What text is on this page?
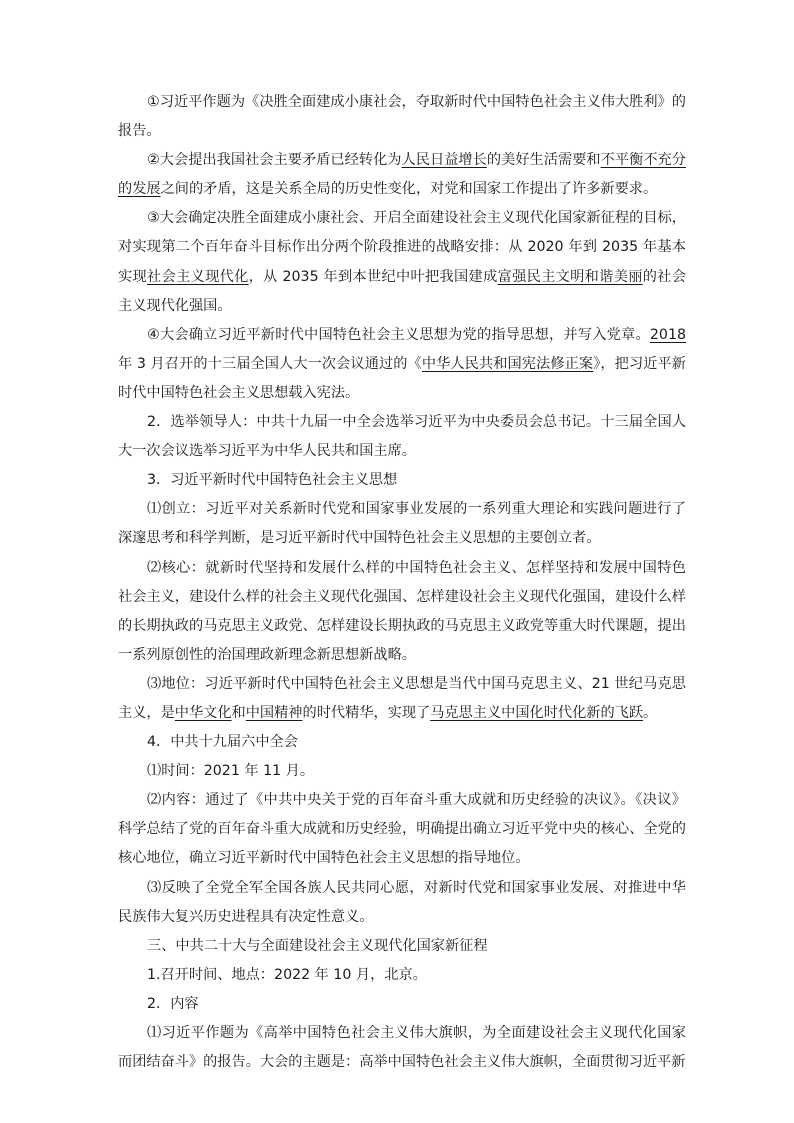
①习近平作题为《决胜全面建成小康社会，夺取新时代中国特色社会主义伟大胜利》的报告。

②大会提出我国社会主要矛盾已经转化为人民日益增长的美好生活需要和不平衡不充分的发展之间的矛盾，这是关系全局的历史性变化，对党和国家工作提出了许多新要求。

③大会确定决胜全面建成小康社会、开启全面建设社会主义现代化国家新征程的目标，对实现第二个百年奋斗目标作出分两个阶段推进的战略安排：从 2020 年到 2035 年基本实现社会主义现代化，从 2035 年到本世纪中叶把我国建成富强民主文明和谐美丽的社会主义现代化强国。

④大会确立习近平新时代中国特色社会主义思想为党的指导思想，并写入党章。2018 年 3 月召开的十三届全国人大一次会议通过的《中华人民共和国宪法修正案》，把习近平新时代中国特色社会主义思想载入宪法。

2．选举领导人：中共十九届一中全会选举习近平为中央委员会总书记。十三届全国人大一次会议选举习近平为中华人民共和国主席。

3．习近平新时代中国特色社会主义思想

⑴创立：习近平对关系新时代党和国家事业发展的一系列重大理论和实践问题进行了深邃思考和科学判断，是习近平新时代中国特色社会主义思想的主要创立者。

⑵核心：就新时代坚持和发展什么样的中国特色社会主义、怎样坚持和发展中国特色社会主义，建设什么样的社会主义现代化强国、怎样建设社会主义现代化强国，建设什么样的长期执政的马克思主义政党、怎样建设长期执政的马克思主义政党等重大时代课题，提出一系列原创性的治国理政新理念新思想新战略。

⑶地位：习近平新时代中国特色社会主义思想是当代中国马克思主义、21 世纪马克思主义，是中华文化和中国精神的时代精华，实现了马克思主义中国化时代化新的飞跃。

4．中共十九届六中全会

⑴时间：2021 年 11 月。

⑵内容：通过了《中共中央关于党的百年奋斗重大成就和历史经验的决议》。《决议》科学总结了党的百年奋斗重大成就和历史经验，明确提出确立习近平党中央的核心、全党的核心地位，确立习近平新时代中国特色社会主义思想的指导地位。

⑶反映了全党全军全国各族人民共同心愿，对新时代党和国家事业发展、对推进中华民族伟大复兴历史进程具有决定性意义。

三、中共二十大与全面建设社会主义现代化国家新征程

1.召开时间、地点：2022 年 10 月，北京。

2．内容

⑴习近平作题为《高举中国特色社会主义伟大旗帜，为全面建设社会主义现代化国家而团结奋斗》的报告。大会的主题是：高举中国特色社会主义伟大旗帜，全面贯彻习近平新
